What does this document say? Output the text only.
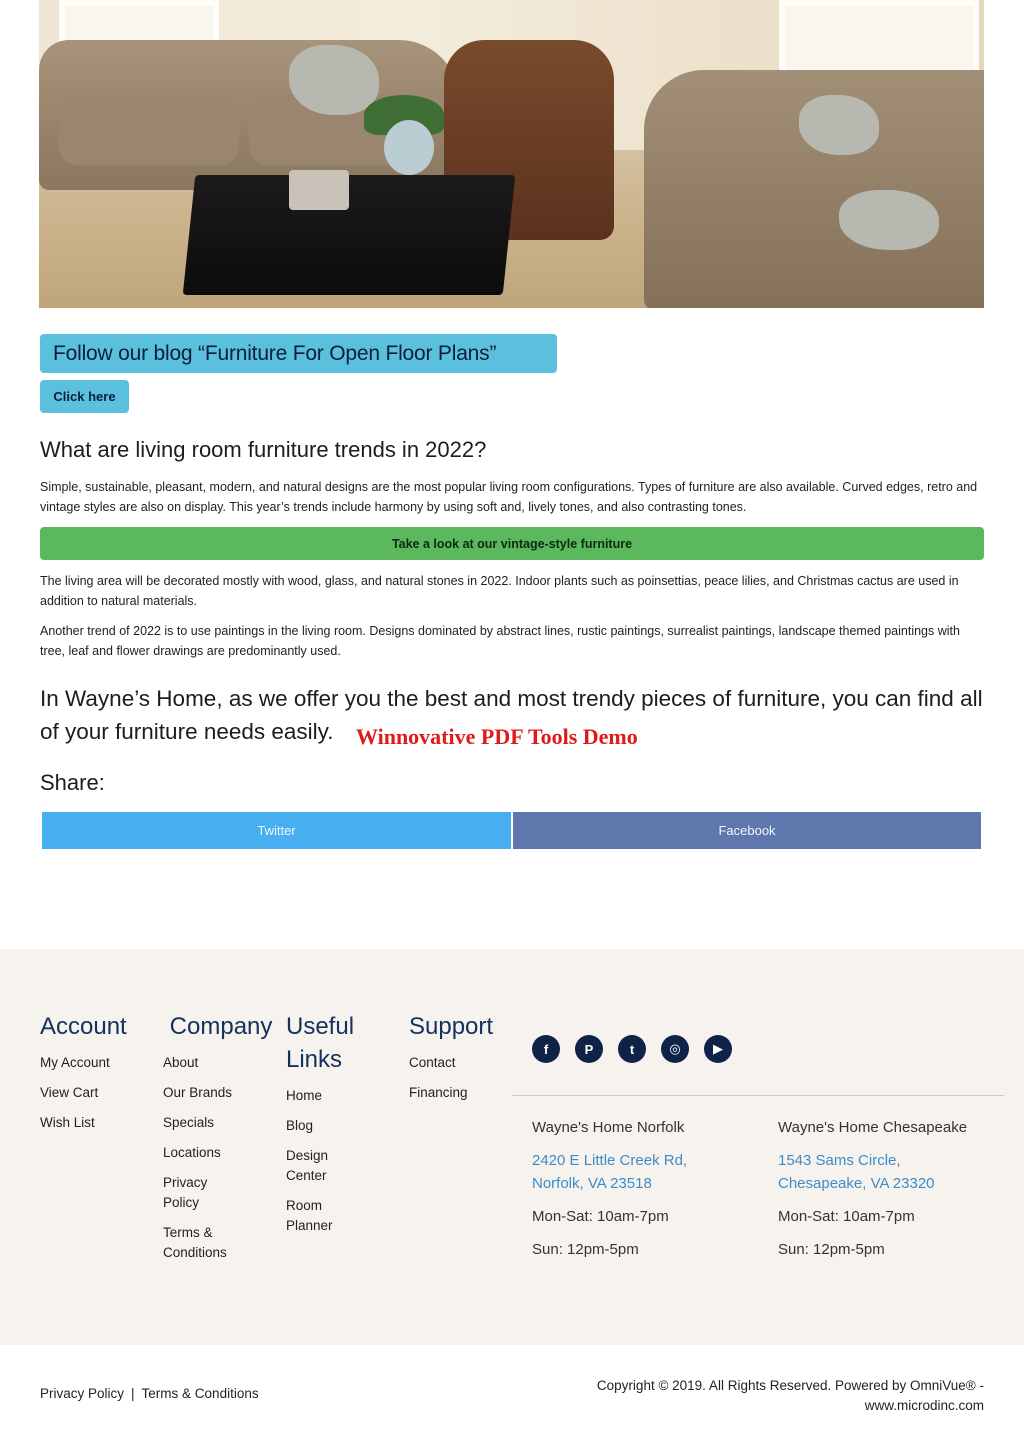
Follow our blog “Furniture For Open Floor Plans”
Click here
What are living room furniture trends in 2022?

Simple, sustainable, pleasant, modern, and natural designs are the most popular living room configurations. Types of furniture are also available. Curved edges, retro and vintage styles are also on display. This year’s trends include harmony by using soft and, lively tones, and also contrasting tones.

Take a look at our vintage-style furniture

The living area will be decorated mostly with wood, glass, and natural stones in 2022. Indoor plants such as poinsettias, peace lilies, and Christmas cactus are used in addition to natural materials.

Another trend of 2022 is to use paintings in the living room. Designs dominated by abstract lines, rustic paintings, surrealist paintings, landscape themed paintings with tree, leaf and flower drawings are predominantly used.

In Wayne’s Home, as we offer you the best and most trendy pieces of furniture, you can find all of your furniture needs easily.	Winnovative PDF Tools Demo
Share:
Twitter	Facebook
Account
My Account
View Cart
Wish List
Company
About
Our Brands
Specials
Locations
Privacy Policy
Terms & Conditions
Useful Links
Home
Blog
Design Center
Room Planner
Support
Contact
Financing
f	P	t	◎	▶
Wayne's Home Norfolk
2420 E Little Creek Rd, Norfolk, VA 23518
Mon-Sat: 10am-7pm
Sun: 12pm-5pm
Wayne's Home Chesapeake
1543 Sams Circle, Chesapeake, VA 23320
Mon-Sat: 10am-7pm
Sun: 12pm-5pm
Privacy Policy | Terms & Conditions
Copyright © 2019. All Rights Reserved. Powered by OmniVue® - www.microdinc.com
